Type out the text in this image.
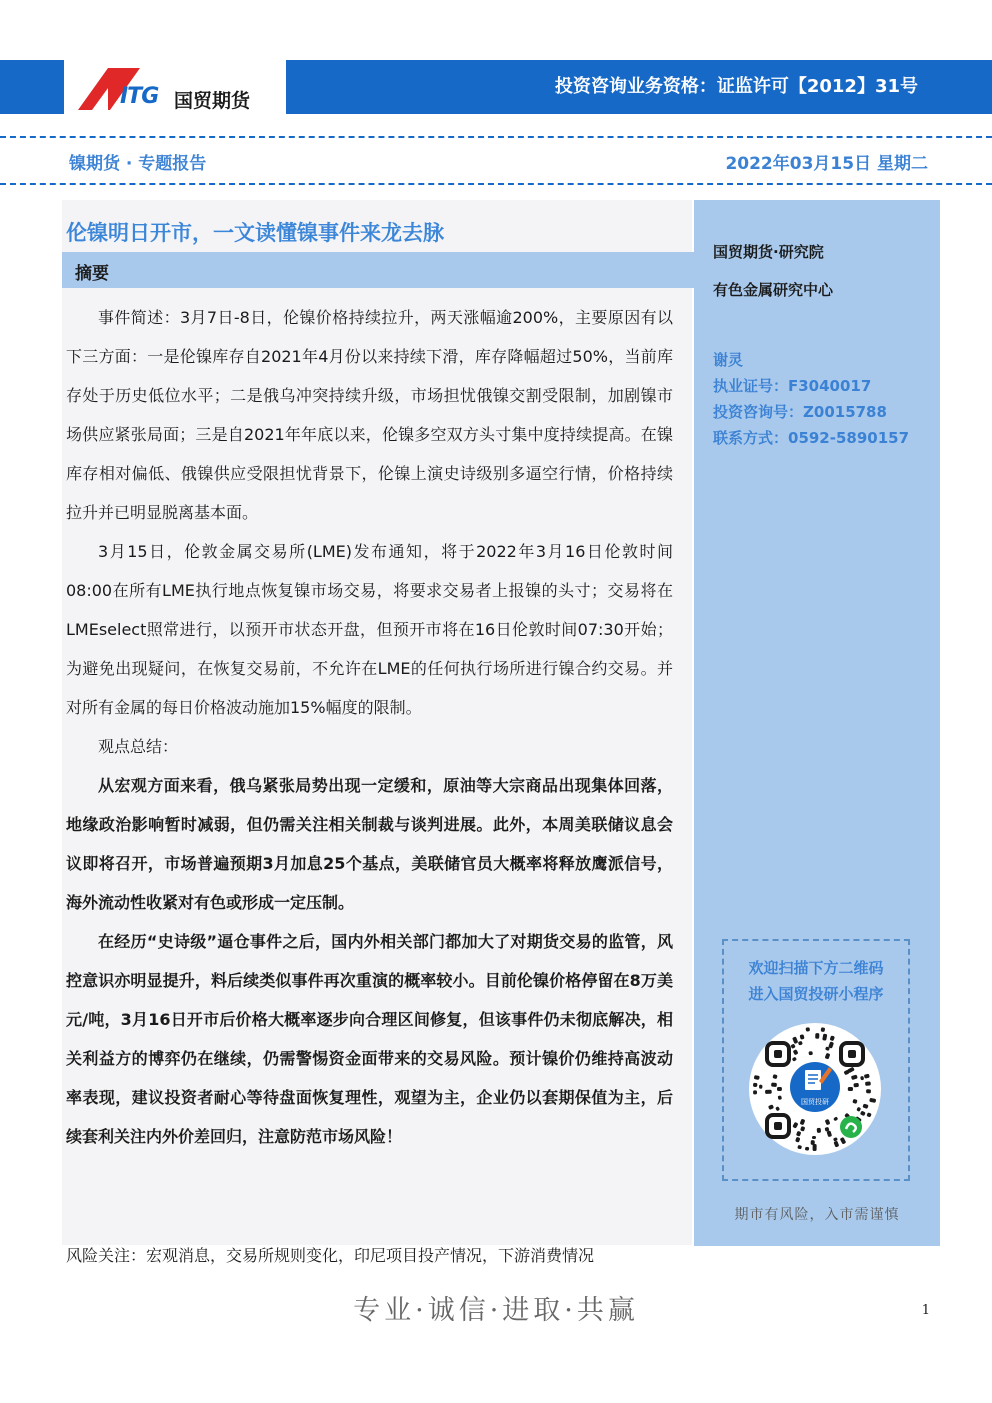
ITG 国贸期货
投资咨询业务资格：证监许可【2012】31号
镍期货 · 专题报告	2022年03月15日 星期二
伦镍明日开市，一文读懂镍事件来龙去脉
摘要

事件简述：3月7日-8日，伦镍价格持续拉升，两天涨幅逾200%，主要原因有以下三方面：一是伦镍库存自2021年4月份以来持续下滑，库存降幅超过50%，当前库存处于历史低位水平；二是俄乌冲突持续升级，市场担忧俄镍交割受限制，加剧镍市场供应紧张局面；三是自2021年年底以来，伦镍多空双方头寸集中度持续提高。在镍库存相对偏低、俄镍供应受限担忧背景下，伦镍上演史诗级别多逼空行情，价格持续拉升并已明显脱离基本面。

3月15日，伦敦金属交易所(LME)发布通知，将于2022年3月16日伦敦时间08:00在所有LME执行地点恢复镍市场交易，将要求交易者上报镍的头寸；交易将在LMEselect照常进行，以预开市状态开盘，但预开市将在16日伦敦时间07:30开始；为避免出现疑问，在恢复交易前，不允许在LME的任何执行场所进行镍合约交易。并对所有金属的每日价格波动施加15%幅度的限制。

观点总结：

从宏观方面来看，俄乌紧张局势出现一定缓和，原油等大宗商品出现集体回落，地缘政治影响暂时减弱，但仍需关注相关制裁与谈判进展。此外，本周美联储议息会议即将召开，市场普遍预期3月加息25个基点，美联储官员大概率将释放鹰派信号，海外流动性收紧对有色或形成一定压制。

在经历“史诗级”逼仓事件之后，国内外相关部门都加大了对期货交易的监管，风控意识亦明显提升，料后续类似事件再次重演的概率较小。目前伦镍价格停留在8万美元/吨，3月16日开市后价格大概率逐步向合理区间修复，但该事件仍未彻底解决，相关利益方的博弈仍在继续，仍需警惕资金面带来的交易风险。预计镍价仍维持高波动率表现，建议投资者耐心等待盘面恢复理性，观望为主，企业仍以套期保值为主，后续套利关注内外价差回归，注意防范市场风险！

风险关注：宏观消息，交易所规则变化，印尼项目投产情况，下游消费情况
国贸期货·研究院
有色金属研究中心
谢灵
执业证号：F3040017
投资咨询号：Z0015788
联系方式：0592-5890157
欢迎扫描下方二维码
进入国贸投研小程序
国贸投研
期市有风险，入市需谨慎
专业·诚信·进取·共赢	1
